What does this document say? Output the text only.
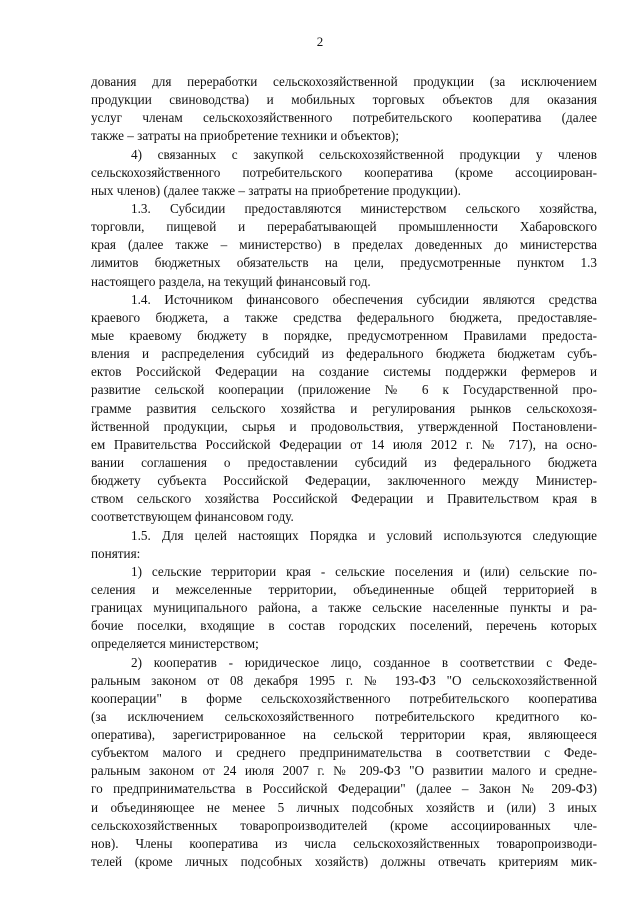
2
дования для переработки сельскохозяйственной продукции (за исключением
продукции свиноводства) и мобильных торговых объектов для оказания
услуг членам сельскохозяйственного потребительского кооператива (далее
также – затраты на приобретение техники и объектов);
4) связанных с закупкой сельскохозяйственной продукции у членов
сельскохозяйственного потребительского кооператива (кроме ассоциирован-
ных членов) (далее также – затраты на приобретение продукции).
1.3. Субсидии предоставляются министерством сельского хозяйства,
торговли, пищевой и перерабатывающей промышленности Хабаровского
края (далее также – министерство) в пределах доведенных до министерства
лимитов бюджетных обязательств на цели, предусмотренные пунктом 1.3
настоящего раздела, на текущий финансовый год.
1.4. Источником финансового обеспечения субсидии являются средства
краевого бюджета, а также средства федерального бюджета, предоставляе-
мые краевому бюджету в порядке, предусмотренном Правилами предоста-
вления и распределения субсидий из федерального бюджета бюджетам субъ-
ектов Российской Федерации на создание системы поддержки фермеров и
развитие сельской кооперации (приложение № 6 к Государственной про-
грамме развития сельского хозяйства и регулирования рынков сельскохозя-
йственной продукции, сырья и продовольствия, утвержденной Постановлени-
ем Правительства Российской Федерации от 14 июля 2012 г. № 717), на осно-
вании соглашения о предоставлении субсидий из федерального бюджета
бюджету субъекта Российской Федерации, заключенного между Министер-
ством сельского хозяйства Российской Федерации и Правительством края в
соответствующем финансовом году.
1.5. Для целей настоящих Порядка и условий используются следующие
понятия:
1) сельские территории края - сельские поселения и (или) сельские по-
селения и межселенные территории, объединенные общей территорией в
границах муниципального района, а также сельские населенные пункты и ра-
бочие поселки, входящие в состав городских поселений, перечень которых
определяется министерством;
2) кооператив - юридическое лицо, созданное в соответствии с Феде-
ральным законом от 08 декабря 1995 г. № 193-ФЗ "О сельскохозяйственной
кооперации" в форме сельскохозяйственного потребительского кооператива
(за исключением сельскохозяйственного потребительского кредитного ко-
оператива), зарегистрированное на сельской территории края, являющееся
субъектом малого и среднего предпринимательства в соответствии с Феде-
ральным законом от 24 июля 2007 г. № 209-ФЗ "О развитии малого и средне-
го предпринимательства в Российской Федерации" (далее – Закон № 209-ФЗ)
и объединяющее не менее 5 личных подсобных хозяйств и (или) 3 иных
сельскохозяйственных товаропроизводителей (кроме ассоциированных чле-
нов). Члены кооператива из числа сельскохозяйственных товаропроизводи-
телей (кроме личных подсобных хозяйств) должны отвечать критериям мик-
